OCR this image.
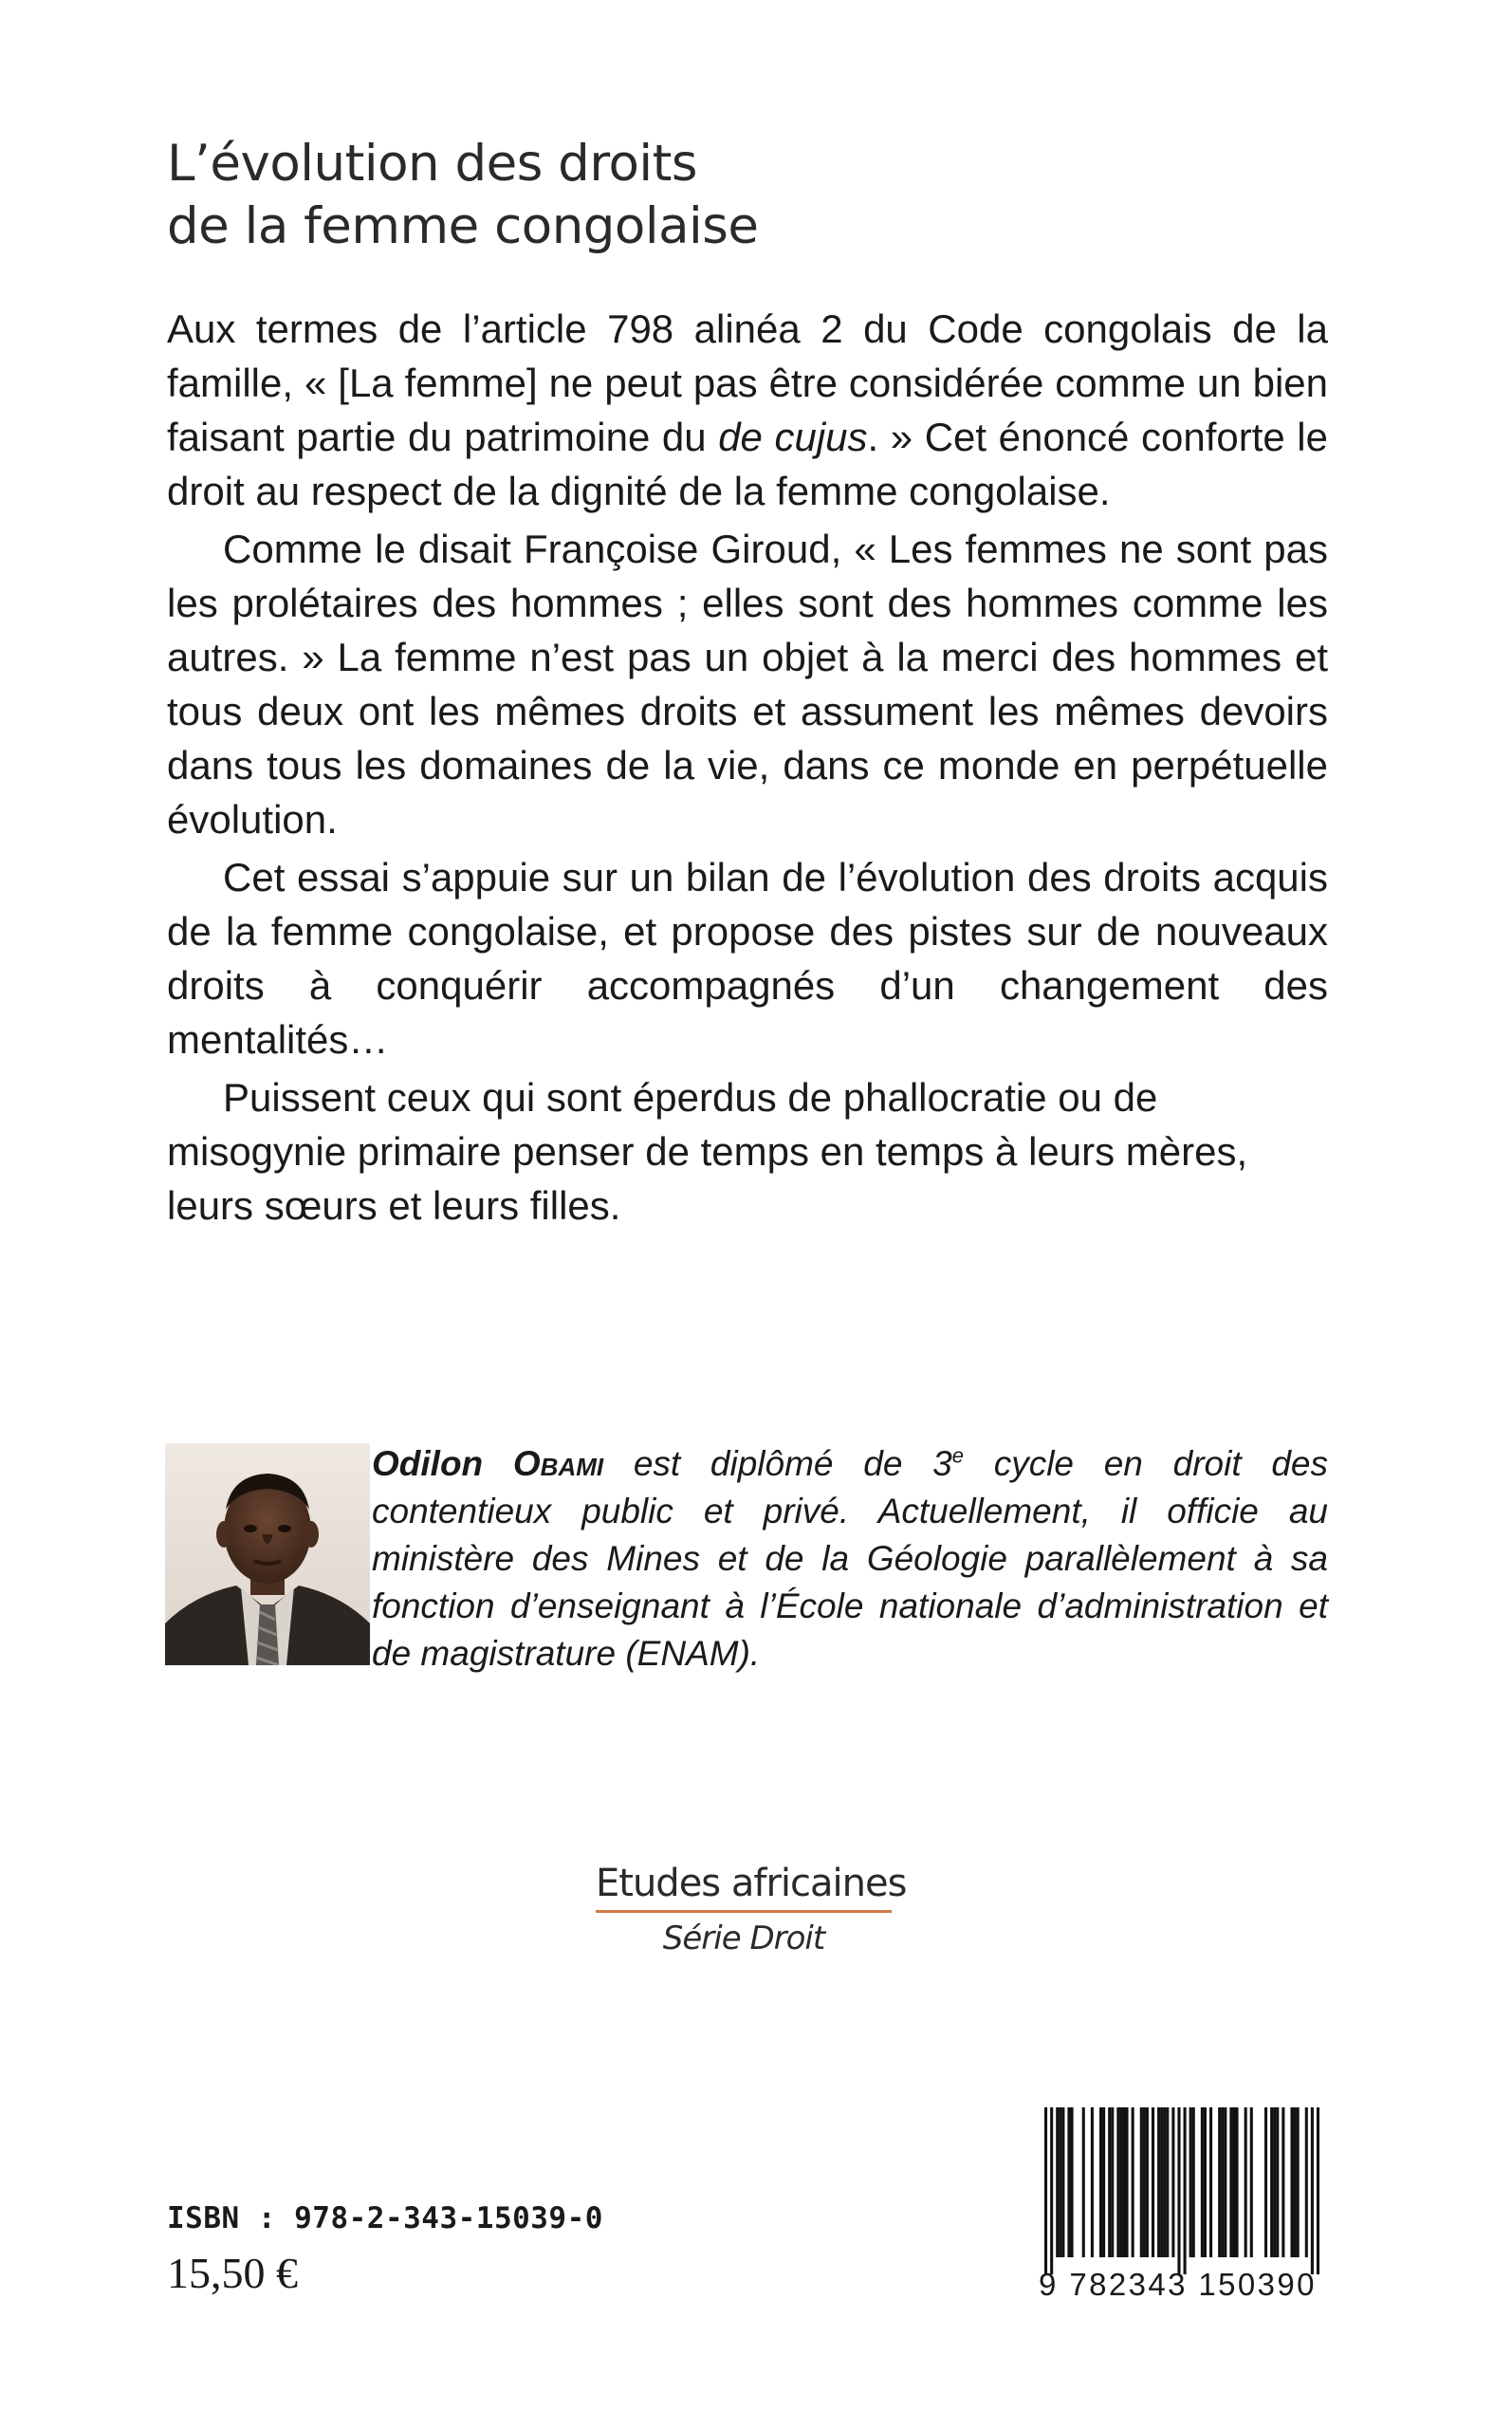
L’évolution des droits
de la femme congolaise

Aux termes de l’article 798 alinéa 2 du Code congolais de la famille, « [La femme] ne peut pas être considérée comme un bien faisant partie du patrimoine du de cujus. » Cet énoncé conforte le droit au respect de la dignité de la femme congolaise.

Comme le disait Françoise Giroud, « Les femmes ne sont pas les prolétaires des hommes ; elles sont des hommes comme les autres. » La femme n’est pas un objet à la merci des hommes et tous deux ont les mêmes droits et assument les mêmes devoirs dans tous les domaines de la vie, dans ce monde en perpétuelle évolution.

Cet essai s’appuie sur un bilan de l’évolution des droits acquis de la femme congolaise, et propose des pistes sur de nouveaux droits à conquérir accompagnés d’un changement des mentalités…

Puissent ceux qui sont éperdus de phallocratie ou de misogynie primaire penser de temps en temps à leurs mères, leurs sœurs et leurs filles.

Odilon Obami est diplômé de 3e cycle en droit des contentieux public et privé. Actuellement, il officie au ministère des Mines et de la Géologie parallèlement à sa fonction d’enseignant à l’École nationale d’administration et de magistrature (ENAM).
Etudes africaines
Série Droit
ISBN : 978-2-343-15039-0
15,50 €	9 782343 150390
